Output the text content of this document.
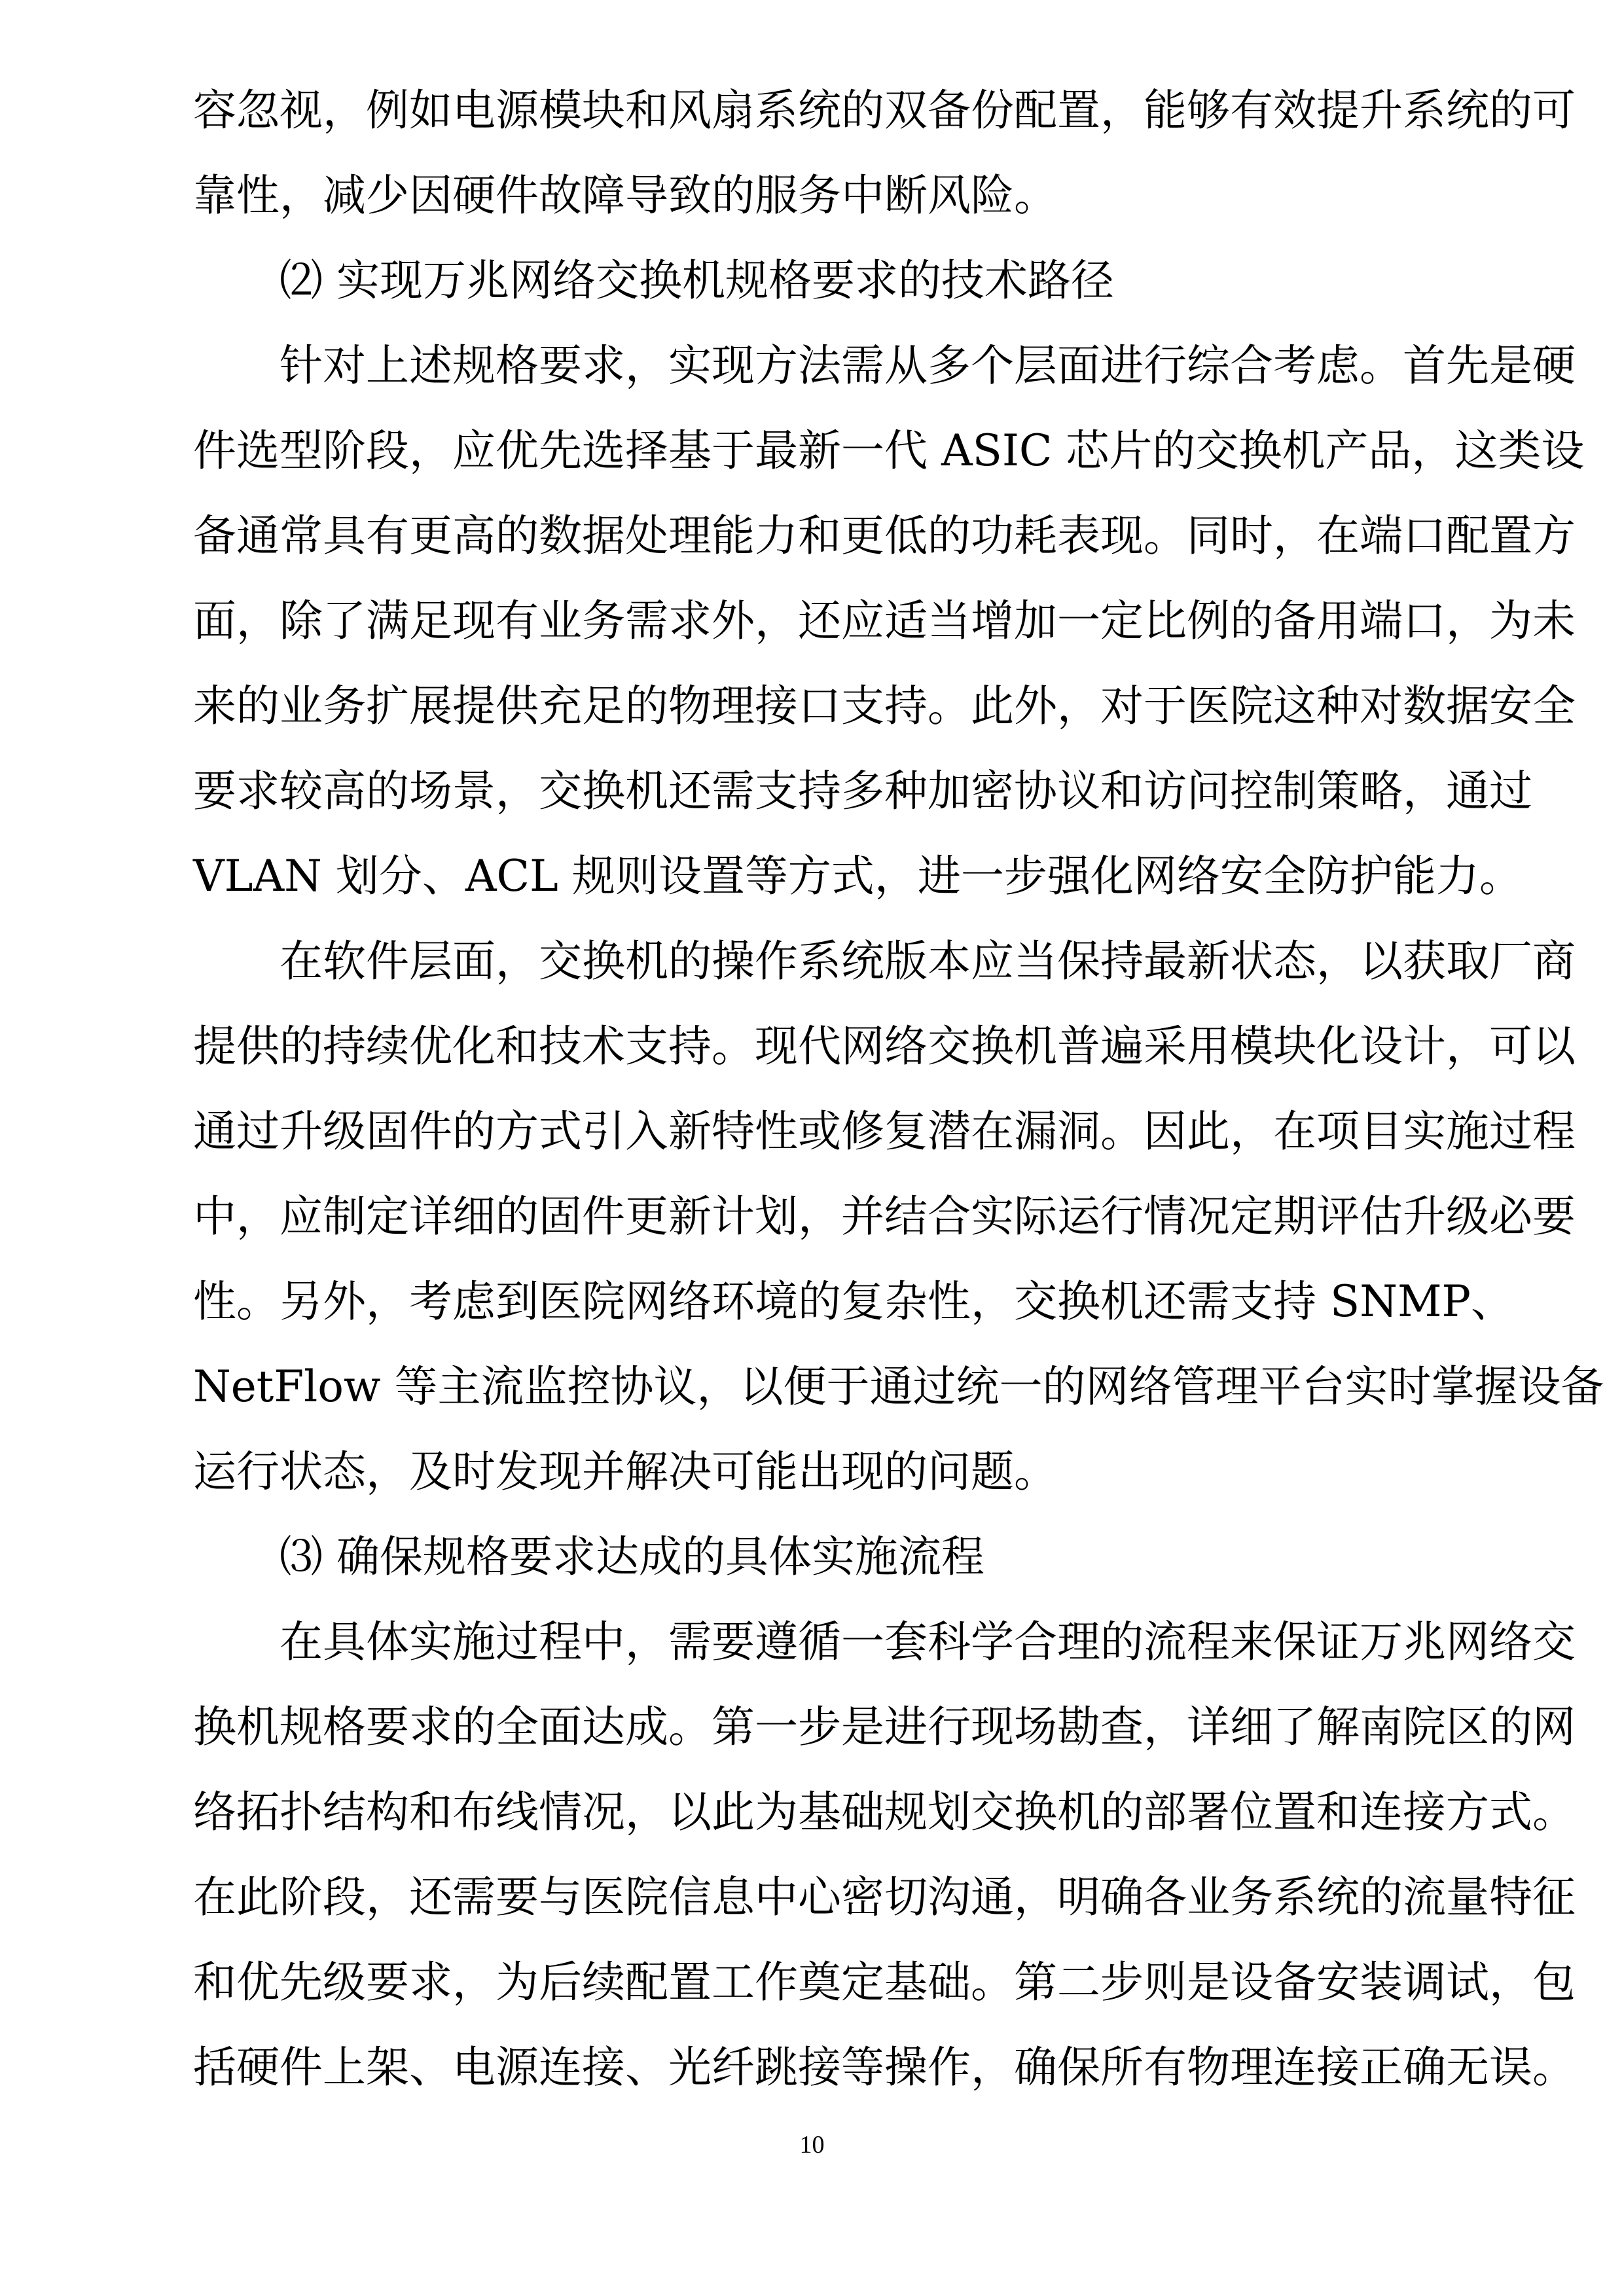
容忽视，例如电源模块和风扇系统的双备份配置，能够有效提升系统的可
靠性，减少因硬件故障导致的服务中断风险。
⑵ 实现万兆网络交换机规格要求的技术路径
针对上述规格要求，实现方法需从多个层面进行综合考虑。首先是硬
件选型阶段，应优先选择基于最新一代 ASIC 芯片的交换机产品，这类设
备通常具有更高的数据处理能力和更低的功耗表现。同时，在端口配置方
面，除了满足现有业务需求外，还应适当增加一定比例的备用端口，为未
来的业务扩展提供充足的物理接口支持。此外，对于医院这种对数据安全
要求较高的场景，交换机还需支持多种加密协议和访问控制策略，通过
VLAN 划分、ACL 规则设置等方式，进一步强化网络安全防护能力。
在软件层面，交换机的操作系统版本应当保持最新状态，以获取厂商
提供的持续优化和技术支持。现代网络交换机普遍采用模块化设计，可以
通过升级固件的方式引入新特性或修复潜在漏洞。因此，在项目实施过程
中，应制定详细的固件更新计划，并结合实际运行情况定期评估升级必要
性。另外，考虑到医院网络环境的复杂性，交换机还需支持 SNMP、
NetFlow 等主流监控协议，以便于通过统一的网络管理平台实时掌握设备
运行状态，及时发现并解决可能出现的问题。
⑶ 确保规格要求达成的具体实施流程
在具体实施过程中，需要遵循一套科学合理的流程来保证万兆网络交
换机规格要求的全面达成。第一步是进行现场勘查，详细了解南院区的网
络拓扑结构和布线情况，以此为基础规划交换机的部署位置和连接方式。
在此阶段，还需要与医院信息中心密切沟通，明确各业务系统的流量特征
和优先级要求，为后续配置工作奠定基础。第二步则是设备安装调试，包
括硬件上架、电源连接、光纤跳接等操作，确保所有物理连接正确无误。
10
